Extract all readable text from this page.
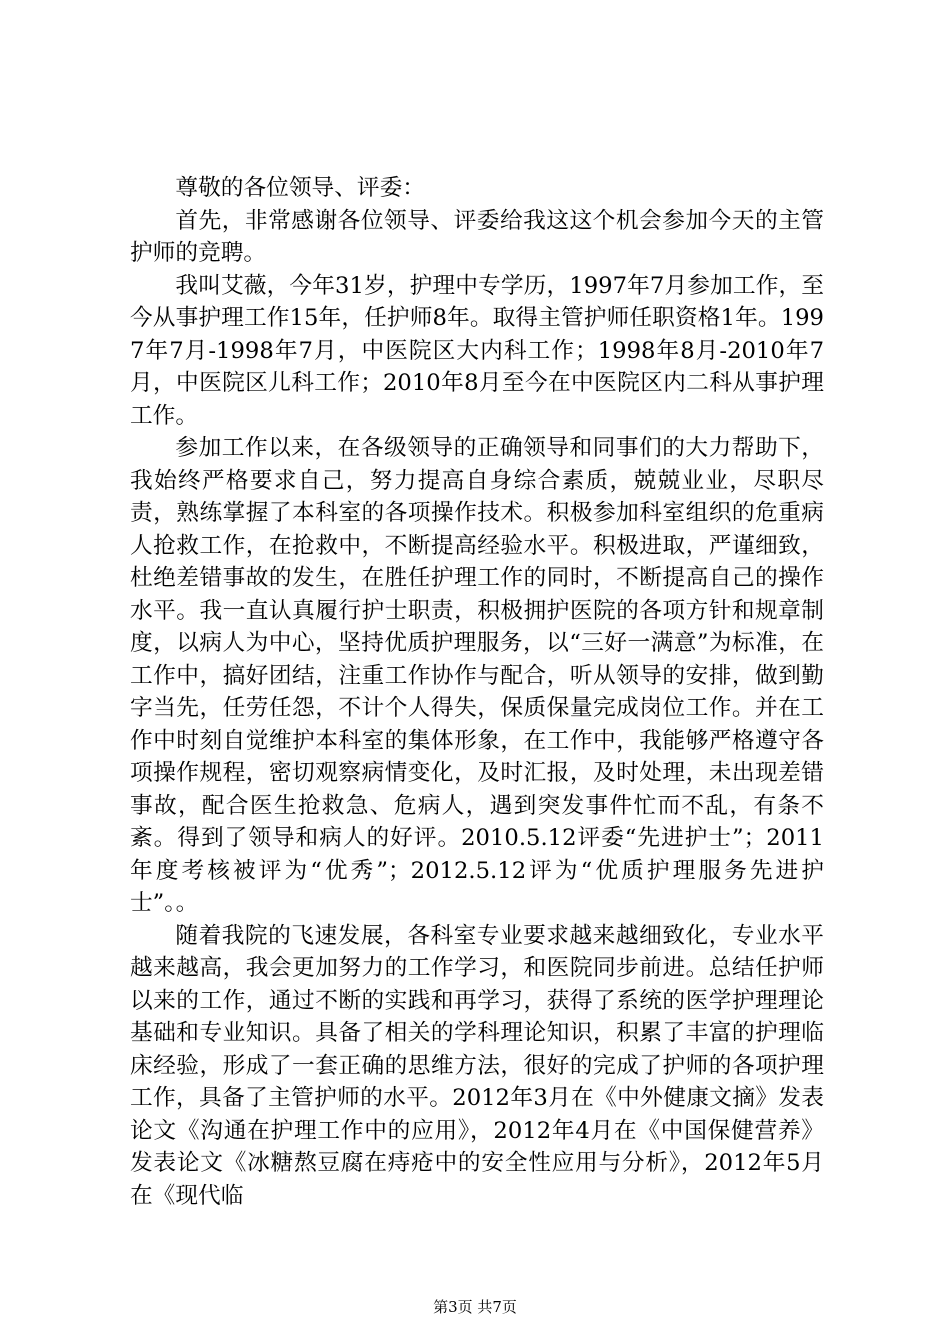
尊敬的各位领导、评委：

首先，非常感谢各位领导、评委给我这这个机会参加今天的主管护师的竞聘。

我叫艾薇，今年31岁，护理中专学历，1997年7月参加工作，至今从事护理工作15年，任护师8年。取得主管护师任职资格1年。1997年7月-1998年7月，中医院区大内科工作；1998年8月-2010年7月，中医院区儿科工作；2010年8月至今在中医院区内二科从事护理工作。

参加工作以来，在各级领导的正确领导和同事们的大力帮助下，我始终严格要求自己，努力提高自身综合素质，兢兢业业，尽职尽责，熟练掌握了本科室的各项操作技术。积极参加科室组织的危重病人抢救工作，在抢救中，不断提高经验水平。积极进取，严谨细致，杜绝差错事故的发生，在胜任护理工作的同时，不断提高自己的操作水平。我一直认真履行护士职责，积极拥护医院的各项方针和规章制度，以病人为中心，坚持优质护理服务，以“三好一满意”为标准，在工作中，搞好团结，注重工作协作与配合，听从领导的安排，做到勤字当先，任劳任怨，不计个人得失，保质保量完成岗位工作。并在工作中时刻自觉维护本科室的集体形象，在工作中，我能够严格遵守各项操作规程，密切观察病情变化，及时汇报，及时处理，未出现差错事故，配合医生抢救急、危病人，遇到突发事件忙而不乱，有条不紊。得到了领导和病人的好评。2010.5.12评委“先进护士”；2011年度考核被评为“优秀”；2012.5.12评为“优质护理服务先进护士”。。

随着我院的飞速发展，各科室专业要求越来越细致化，专业水平越来越高，我会更加努力的工作学习，和医院同步前进。总结任护师以来的工作，通过不断的实践和再学习，获得了系统的医学护理理论基础和专业知识。具备了相关的学科理论知识，积累了丰富的护理临床经验，形成了一套正确的思维方法，很好的完成了护师的各项护理工作，具备了主管护师的水平。2012年3月在《中外健康文摘》发表论文《沟通在护理工作中的应用》，2012年4月在《中国保健营养》发表论文《冰糖熬豆腐在痔疮中的安全性应用与分析》，2012年5月在《现代临

第3页 共7页
